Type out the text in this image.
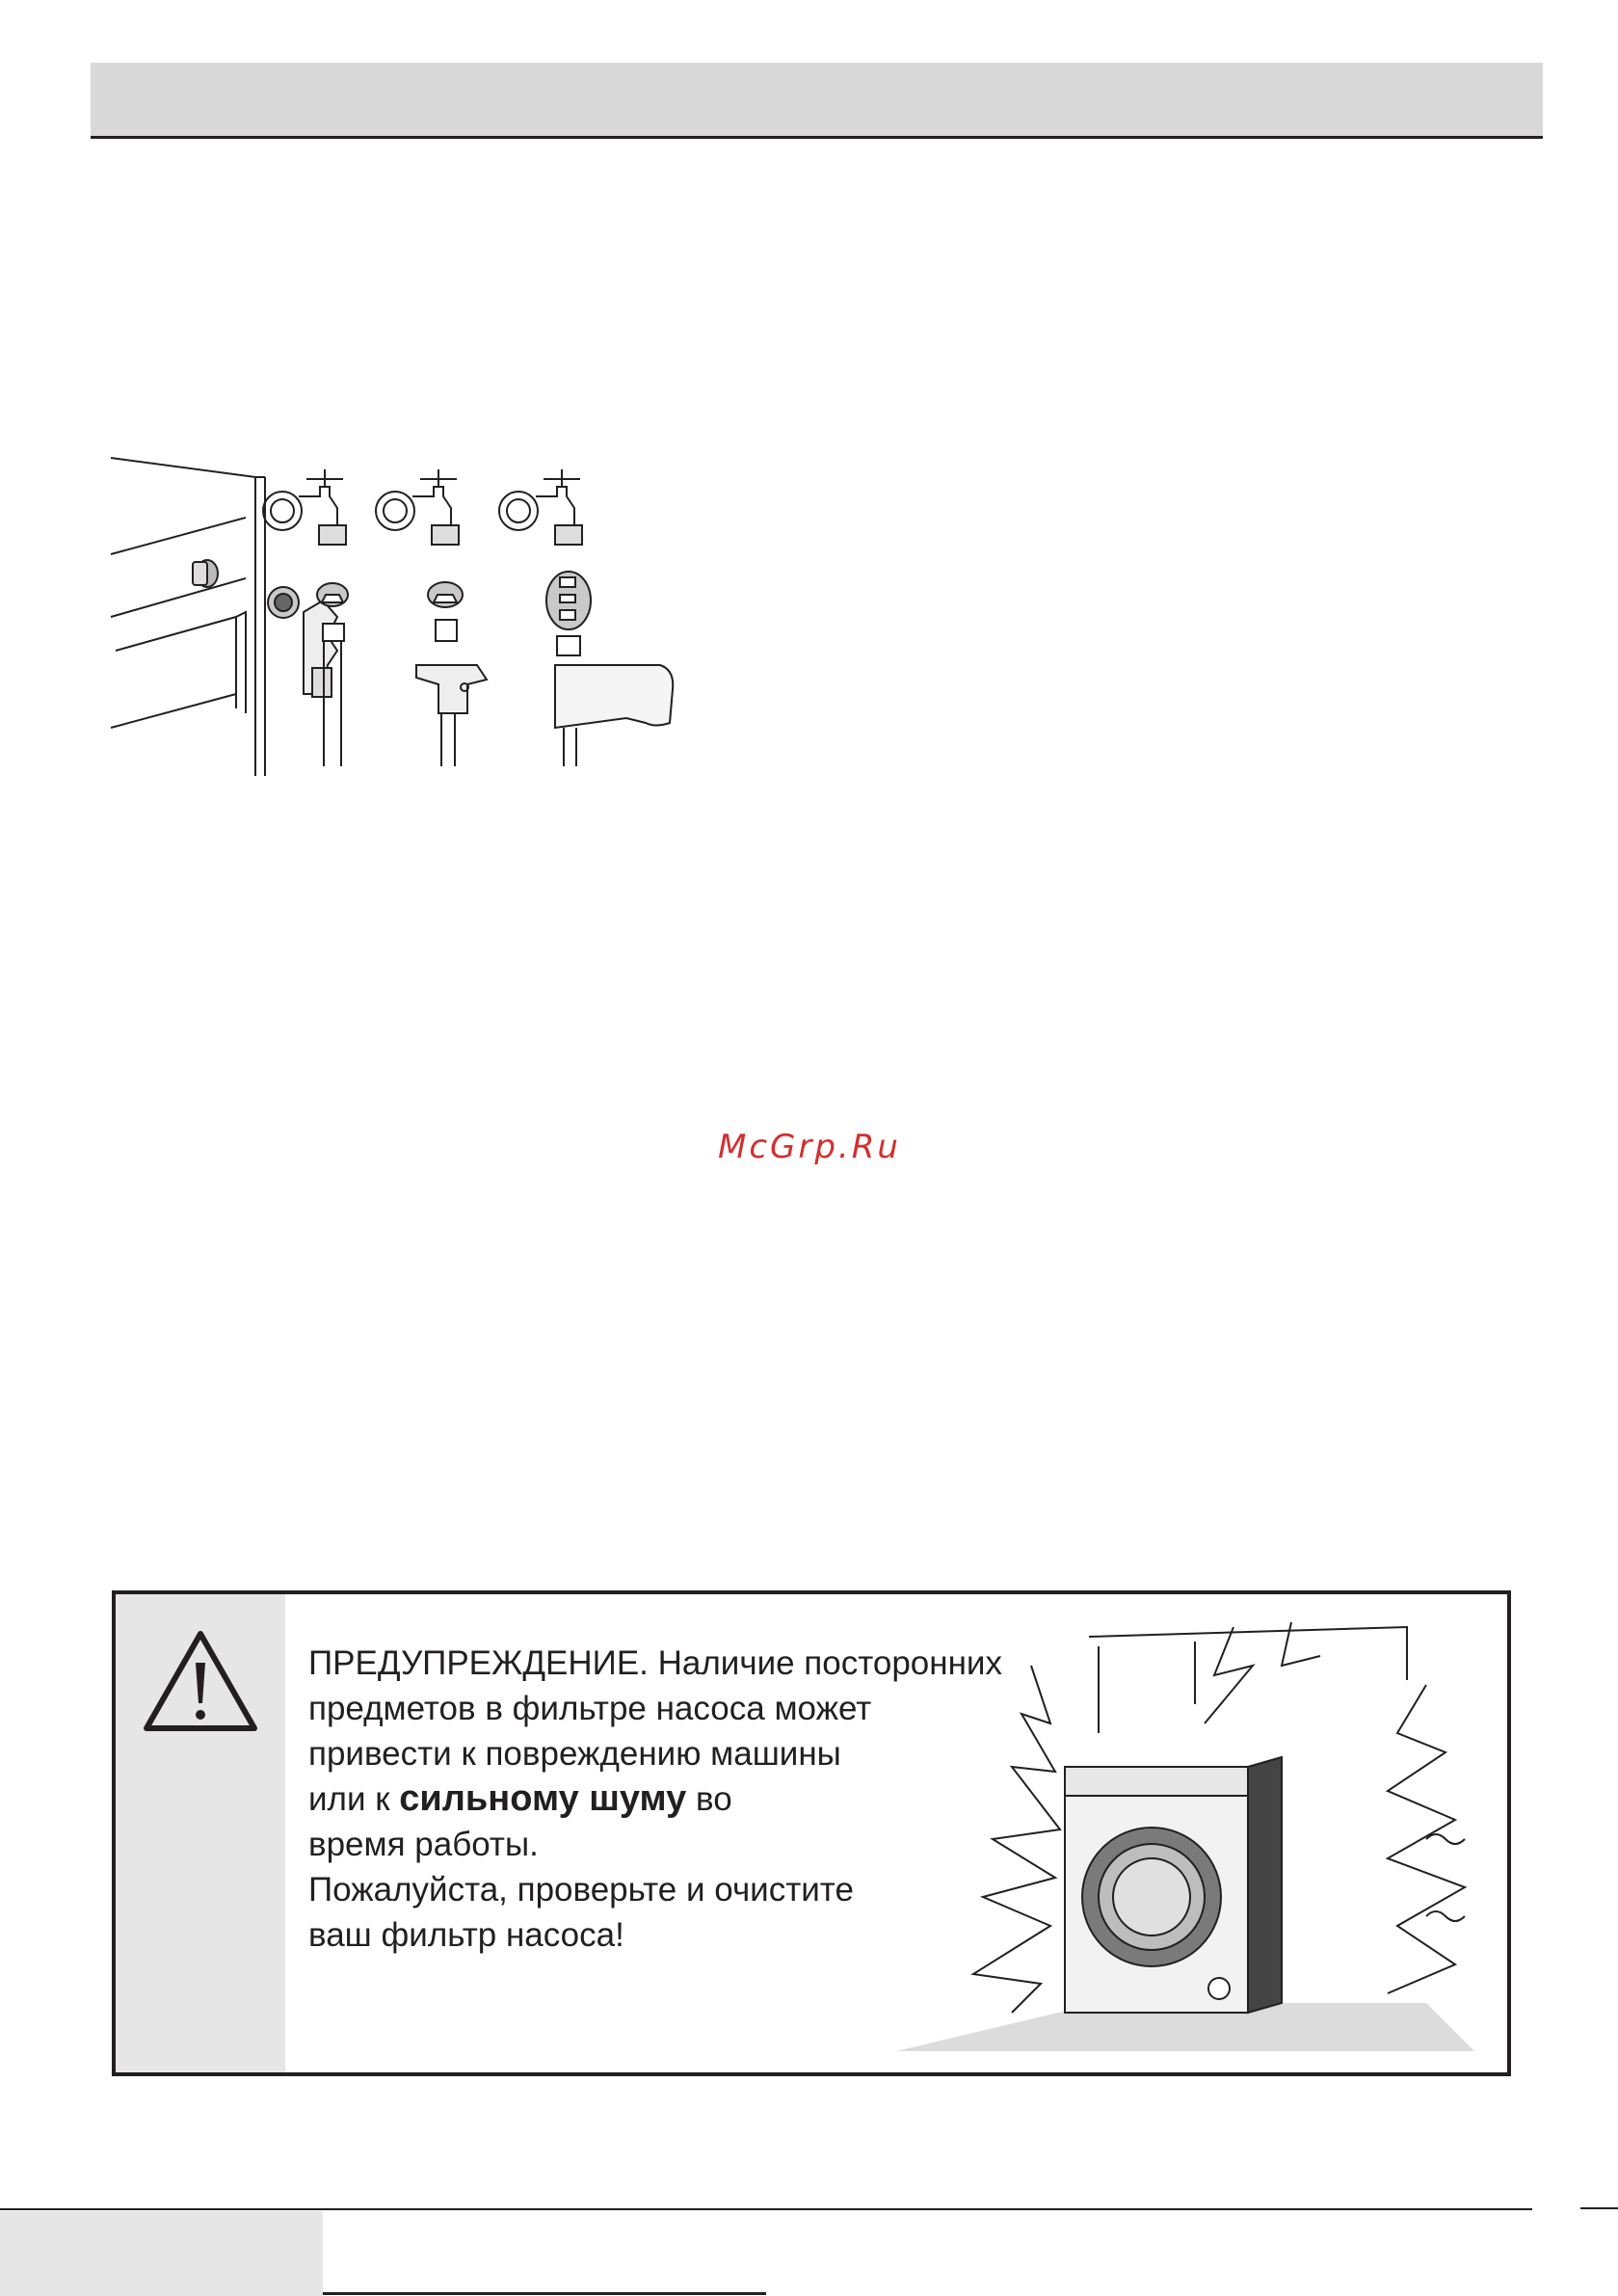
McGrp.Ru

ПРЕДУПРЕЖДЕНИЕ. Наличие посторонних

предметов в фильтре насоса может

привести к повреждению машины

или к сильному шуму во

время работы.

Пожалуйста, проверьте и очистите

ваш фильтр насоса!
